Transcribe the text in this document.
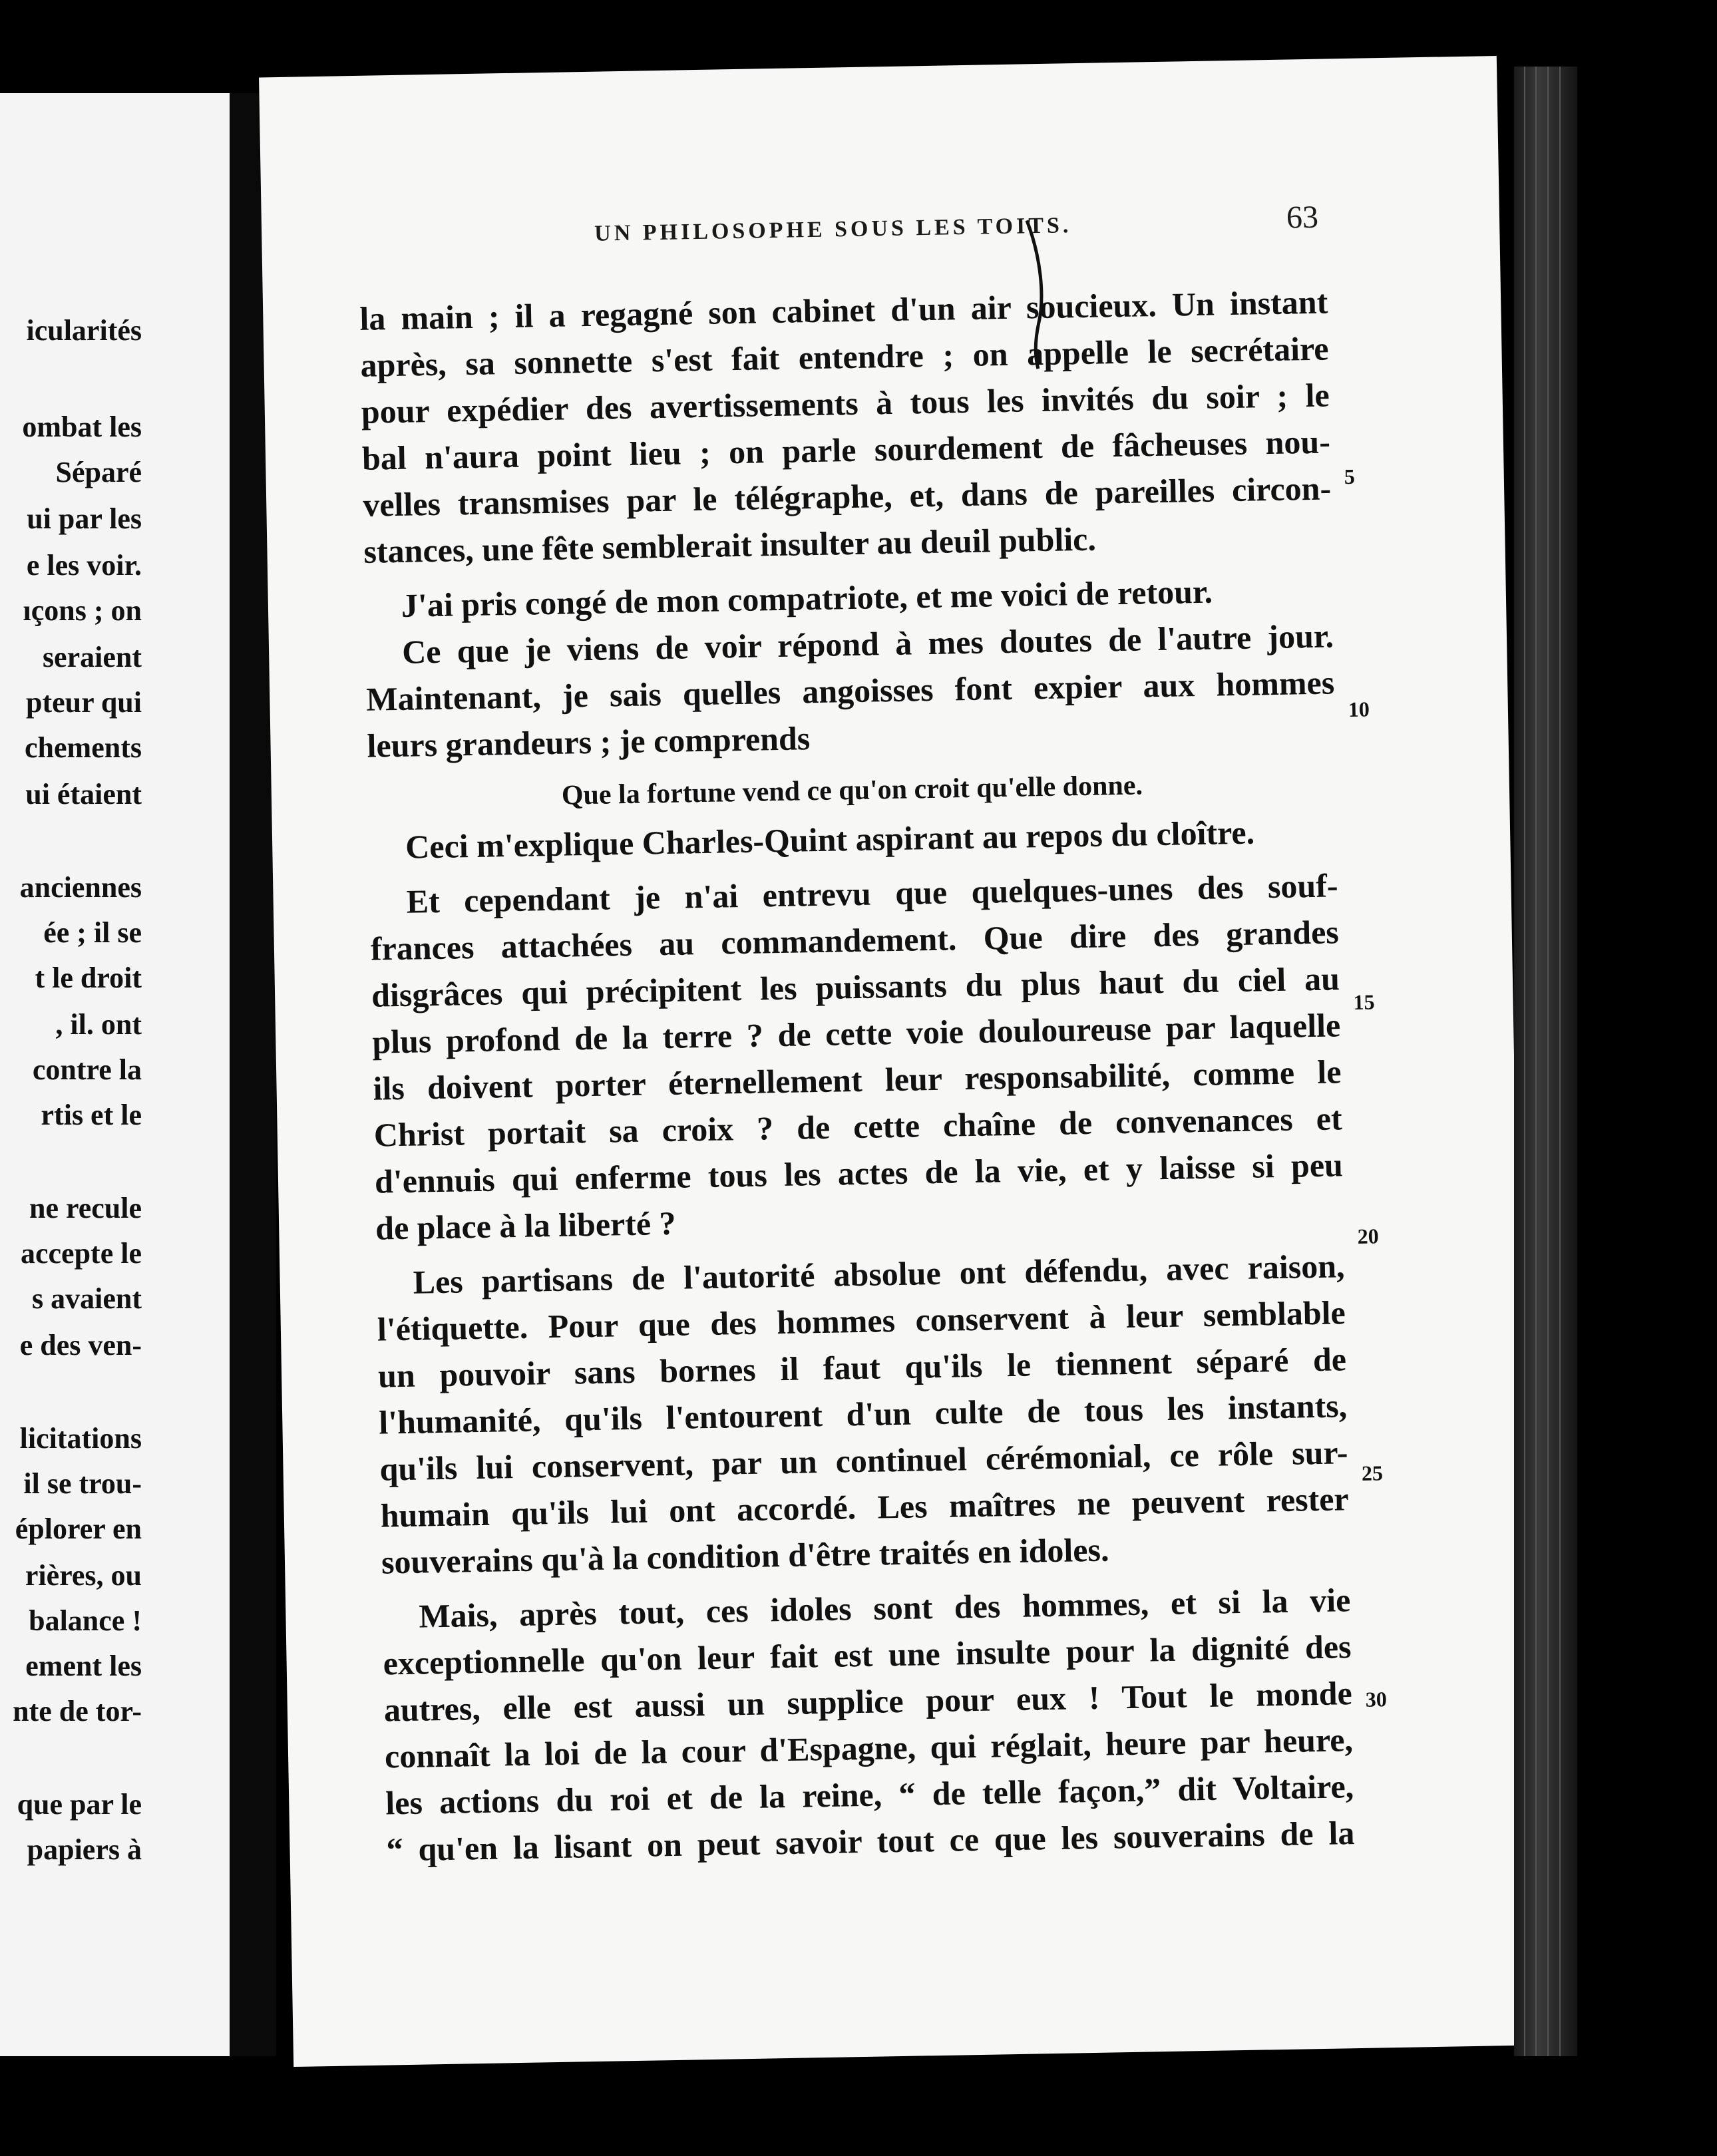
icularités
ombat les
Séparé
ui par les
e les voir.
ıçons ; on
seraient
pteur qui
chements
ui étaient
anciennes
ée ; il se
t le droit
, il. ont
contre la
rtis et le
ne recule
accepte le
s avaient
e des ven-
licitations
il se trou-
éplorer en
rières, ou
balance !
ement les
nte de tor-
que par le
papiers à
UN PHILOSOPHE SOUS LES TOITS.	63
la main ; il a regagné son cabinet d'un air soucieux. Un instant
après, sa sonnette s'est fait entendre ; on appelle le secrétaire
pour expédier des avertissements à tous les invités du soir ; le
bal n'aura point lieu ; on parle sourdement de fâcheuses nou-
velles transmises par le télégraphe, et, dans de pareilles circon-
stances, une fête semblerait insulter au deuil public.
J'ai pris congé de mon compatriote, et me voici de retour.
Ce que je viens de voir répond à mes doutes de l'autre jour.
Maintenant, je sais quelles angoisses font expier aux hommes
leurs grandeurs ; je comprends
Que la fortune vend ce qu'on croit qu'elle donne.
Ceci m'explique Charles-Quint aspirant au repos du cloître.
Et cependant je n'ai entrevu que quelques-unes des souf-
frances attachées au commandement. Que dire des grandes
disgrâces qui précipitent les puissants du plus haut du ciel au
plus profond de la terre ? de cette voie douloureuse par laquelle
ils doivent porter éternellement leur responsabilité, comme le
Christ portait sa croix ? de cette chaîne de convenances et
d'ennuis qui enferme tous les actes de la vie, et y laisse si peu
de place à la liberté ?
Les partisans de l'autorité absolue ont défendu, avec raison,
l'étiquette. Pour que des hommes conservent à leur semblable
un pouvoir sans bornes il faut qu'ils le tiennent séparé de
l'humanité, qu'ils l'entourent d'un culte de tous les instants,
qu'ils lui conservent, par un continuel cérémonial, ce rôle sur-
humain qu'ils lui ont accordé. Les maîtres ne peuvent rester
souverains qu'à la condition d'être traités en idoles.
Mais, après tout, ces idoles sont des hommes, et si la vie
exceptionnelle qu'on leur fait est une insulte pour la dignité des
autres, elle est aussi un supplice pour eux ! Tout le monde
connaît la loi de la cour d'Espagne, qui réglait, heure par heure,
les actions du roi et de la reine, “ de telle façon,” dit Voltaire,
“ qu'en la lisant on peut savoir tout ce que les souverains de la
5
10
15
20
25
30
